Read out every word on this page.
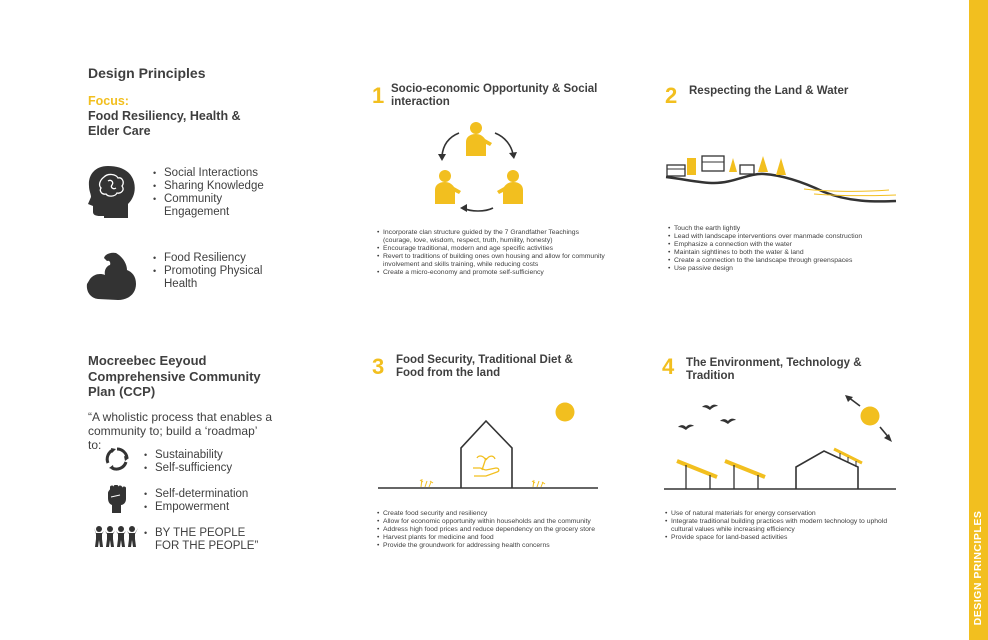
DESIGN PRINCIPLES
Design Principles
Focus:
Food Resiliency, Health & Elder Care
• Social Interactions
• Sharing Knowledge
• Community Engagement
• Food Resiliency
• Promoting Physical Health
Mocreebec Eeyoud Comprehensive Community Plan (CCP)
“A wholistic process that enables a community to; build a ‘roadmap’ to:
• Sustainability
• Self-sufficiency
• Self-determination
• Empowerment
• BY THE PEOPLE FOR THE PEOPLE”
1 Socio-economic Opportunity & Social interaction
• Incorporate clan structure guided by the 7 Grandfather Teachings (courage, love, wisdom, respect, truth, humility, honesty)
• Encourage traditional, modern and age specific activities
• Revert to traditions of building ones own housing and allow for community involvement and skills training, while reducing costs
• Create a micro-economy and promote self-sufficiency
2 Respecting the Land & Water
• Touch the earth lightly
• Lead with landscape interventions over manmade construction
• Emphasize a connection with the water
• Maintain sightlines to both the water & land
• Create a connection to the landscape through greenspaces
• Use passive design
3 Food Security, Traditional Diet & Food from the land
• Create food security and resiliency
• Allow for economic opportunity within households and the community
• Address high food prices and reduce dependency on the grocery store
• Harvest plants for medicine and food
• Provide the groundwork for addressing health concerns
4 The Environment, Technology & Tradition
• Use of natural materials for energy conservation
• Integrate traditional building practices with modern technology to uphold cultural values while increasing efficiency
• Provide space for land-based activities
